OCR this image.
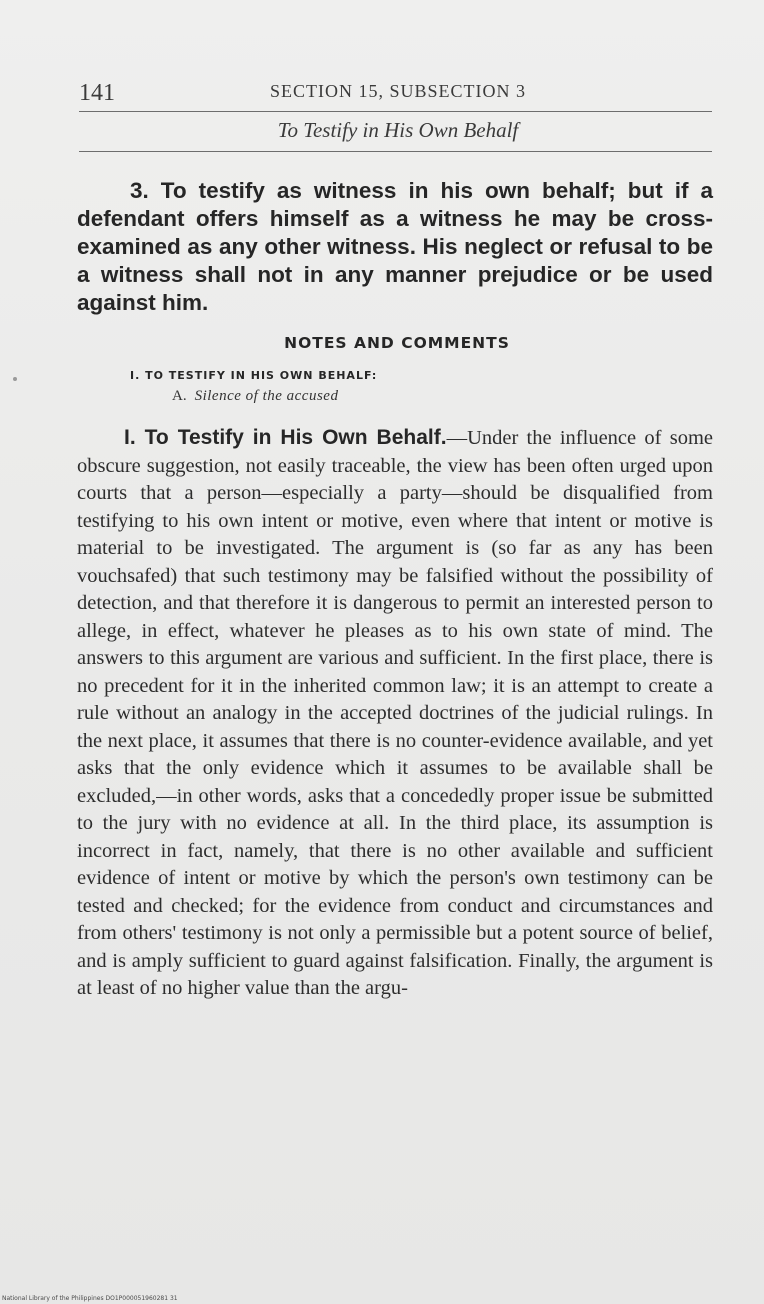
141	SECTION 15, SUBSECTION 3
To Testify in His Own Behalf
3. To testify as witness in his own behalf; but if a defendant offers himself as a witness he may be cross-examined as any other witness. His neglect or refusal to be a witness shall not in any manner prejudice or be used against him.
NOTES AND COMMENTS
I. TO TESTIFY IN HIS OWN BEHALF:
A. Silence of the accused
I. To Testify in His Own Behalf.—Under the influence of some obscure suggestion, not easily traceable, the view has been often urged upon courts that a person—especially a party—should be disqualified from testifying to his own intent or motive, even where that intent or motive is material to be investigated. The argument is (so far as any has been vouchsafed) that such testimony may be falsified without the possibility of detection, and that therefore it is dangerous to permit an interested person to allege, in effect, whatever he pleases as to his own state of mind. The answers to this argument are various and sufficient. In the first place, there is no precedent for it in the inherited common law; it is an attempt to create a rule without an analogy in the accepted doctrines of the judicial rulings. In the next place, it assumes that there is no counter-evidence available, and yet asks that the only evidence which it assumes to be available shall be excluded,—in other words, asks that a concededly proper issue be submitted to the jury with no evidence at all. In the third place, its assumption is incorrect in fact, namely, that there is no other available and sufficient evidence of intent or motive by which the person's own testimony can be tested and checked; for the evidence from conduct and circumstances and from others' testimony is not only a permissible but a potent source of belief, and is amply sufficient to guard against falsification. Finally, the argument is at least of no higher value than the argu-
National Library of the Philippines DO1P000051960281 31
